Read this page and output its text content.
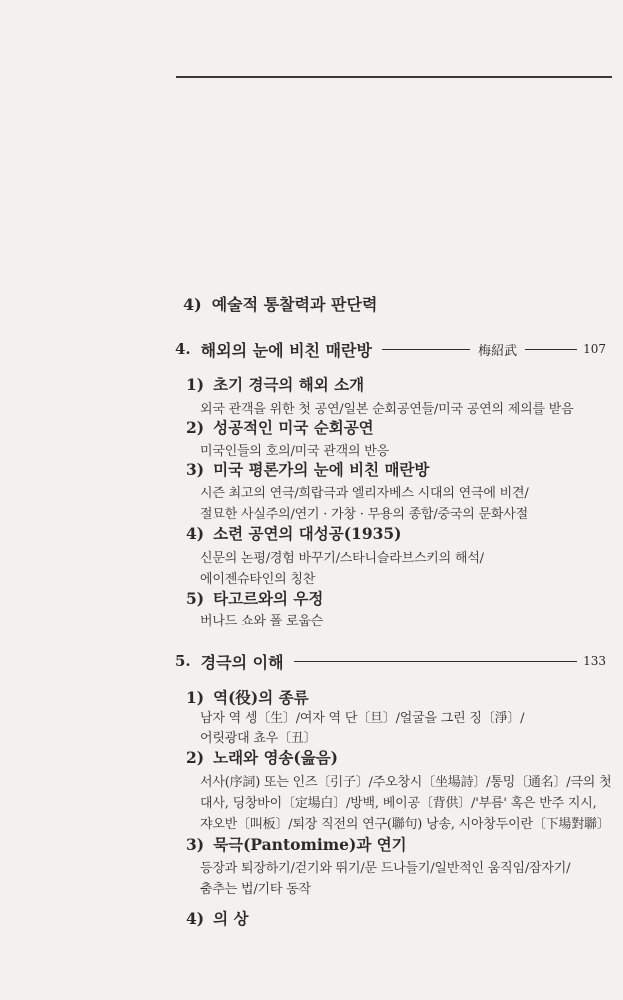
4) 예술적 통찰력과 판단력
4. 해외의 눈에 비친 매란방	梅紹武	107
1) 초기 경극의 해외 소개
외국 관객을 위한 첫 공연/일본 순회공연들/미국 공연의 제의를 받음
2) 성공적인 미국 순회공연
미국인들의 호의/미국 관객의 반응
3) 미국 평론가의 눈에 비친 매란방
시즌 최고의 연극/희랍극과 엘리자베스 시대의 연극에 비견/
절묘한 사실주의/연기 · 가창 · 무용의 종합/중국의 문화사절
4) 소련 공연의 대성공(1935)
신문의 논평/경험 바꾸기/스타니슬라브스키의 해석/
에이젠슈타인의 칭찬
5) 타고르와의 우정
버나드 쇼와 폴 로웁슨
5. 경극의 이해	133
1) 역(役)의 종류
남자 역 셍〔生〕/여자 역 단〔旦〕/얼굴을 그린 징〔淨〕/
어릿광대 쵸우〔丑〕
2) 노래와 영송(읊음)
서사(序詞) 또는 인즈〔引子〕/주오창시〔坐場詩〕/통밍〔通名〕/극의 첫
대사, 딩창바이〔定場白〕/방백, 베이공〔背供〕/'부름' 혹은 반주 지시,
쟈오반〔叫板〕/퇴장 직전의 연구(聯句) 낭송, 시아창두이란〔下場對聯〕
3) 묵극(Pantomime)과 연기
등장과 퇴장하기/걷기와 뛰기/문 드나들기/일반적인 움직임/잠자기/
춤추는 법/기타 동작
4) 의 상
